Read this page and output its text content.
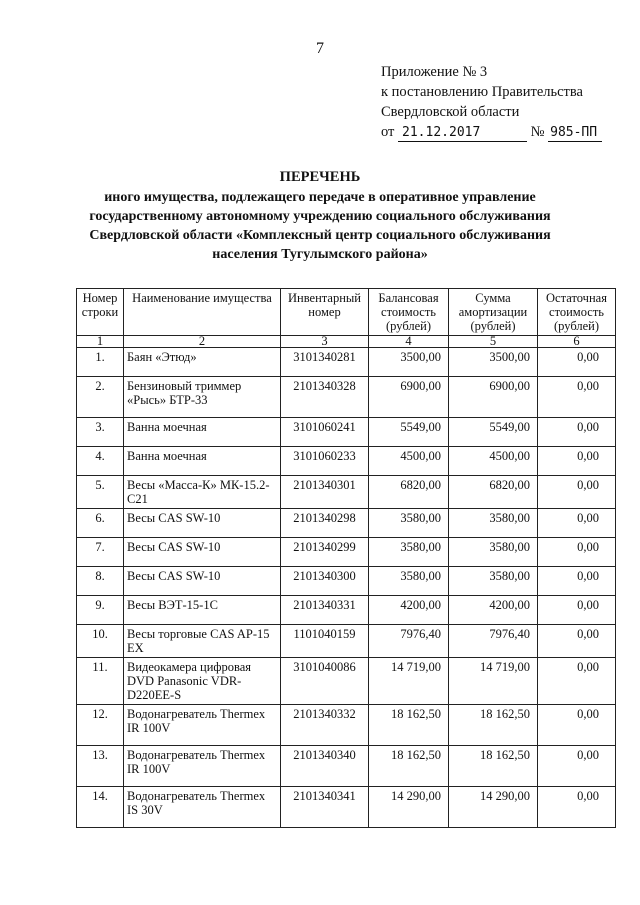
7
Приложение № 3
к постановлению Правительства
Свердловской области
от 21.12.2017	№ 985-ПП
ПЕРЕЧЕНЬ
иного имущества, подлежащего передаче в оперативное управление государственному автономному учреждению социального обслуживания Свердловской области «Комплексный центр социального обслуживания населения Тугулымского района»
Номер строки	Наименование имущества	Инвентарный номер	Балансовая стоимость (рублей)	Сумма амортизации (рублей)	Остаточная стоимость (рублей)
1	2	3	4	5	6
1.	Баян «Этюд»	3101340281	3500,00	3500,00	0,00
2.	Бензиновый триммер «Рысь» БТР-33	2101340328	6900,00	6900,00	0,00
3.	Ванна моечная	3101060241	5549,00	5549,00	0,00
4.	Ванна моечная	3101060233	4500,00	4500,00	0,00
5.	Весы «Масса-К» МК-15.2-С21	2101340301	6820,00	6820,00	0,00
6.	Весы CAS SW-10	2101340298	3580,00	3580,00	0,00
7.	Весы CAS SW-10	2101340299	3580,00	3580,00	0,00
8.	Весы CAS SW-10	2101340300	3580,00	3580,00	0,00
9.	Весы ВЭТ-15-1С	2101340331	4200,00	4200,00	0,00
10.	Весы торговые CAS AP-15 EX	1101040159	7976,40	7976,40	0,00
11.	Видеокамера цифровая DVD Panasonic VDR-D220EE-S	3101040086	14 719,00	14 719,00	0,00
12.	Водонагреватель Thermex IR 100V	2101340332	18 162,50	18 162,50	0,00
13.	Водонагреватель Thermex IR 100V	2101340340	18 162,50	18 162,50	0,00
14.	Водонагреватель Thermex IS 30V	2101340341	14 290,00	14 290,00	0,00
